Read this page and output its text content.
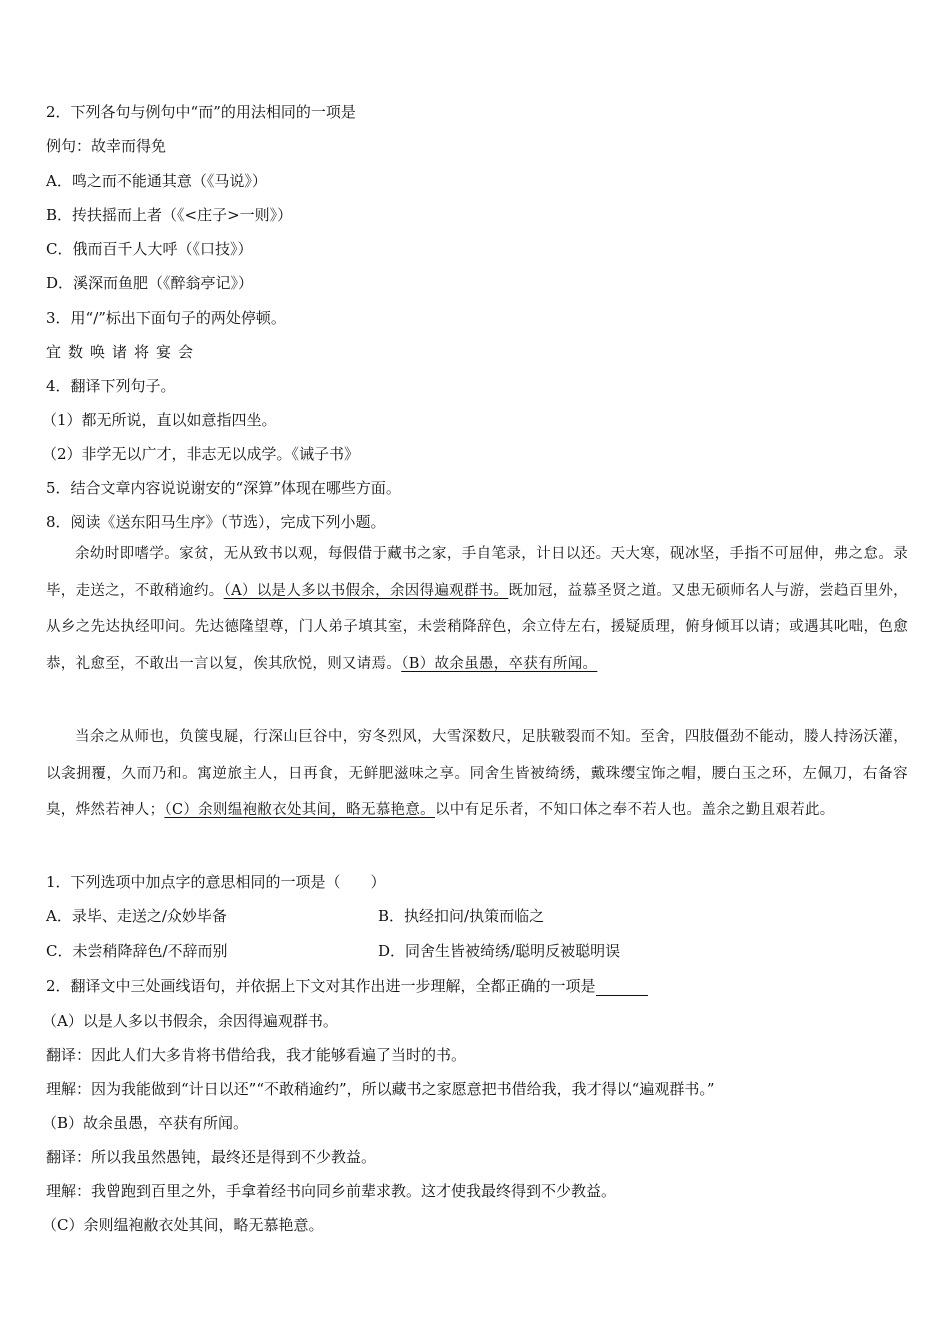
2．下列各句与例句中“而”的用法相同的一项是
例句：故幸而得免
A．鸣之而不能通其意（《马说》）
B．抟扶摇而上者（《<庄子>一则》）
C．俄而百千人大呼（《口技》）
D．溪深而鱼肥（《醉翁亭记》）
3．用“/”标出下面句子的两处停顿。
宜数唤诸将宴会
4．翻译下列句子。
（1）都无所说，直以如意指四坐。
（2）非学无以广才，非志无以成学。《诫子书》
5．结合文章内容说说谢安的“深算”体现在哪些方面。
8．阅读《送东阳马生序》（节选），完成下列小题。
余幼时即嗜学。家贫，无从致书以观，每假借于藏书之家，手自笔录，计日以还。天大寒，砚冰坚，手指不可屈伸，弗之怠。录毕，走送之，不敢稍逾约。（A）以是人多以书假余，余因得遍观群书。既加冠，益慕圣贤之道。又患无硕师名人与游，尝趋百里外，从乡之先达执经叩问。先达德隆望尊，门人弟子填其室，未尝稍降辞色，余立侍左右，援疑质理，俯身倾耳以请；或遇其叱咄，色愈恭，礼愈至，不敢出一言以复，俟其欣悦，则又请焉。（B）故余虽愚，卒获有所闻。
当余之从师也，负箧曳屣，行深山巨谷中，穷冬烈风，大雪深数尺，足肤皲裂而不知。至舍，四肢僵劲不能动，媵人持汤沃灌，以衾拥覆，久而乃和。寓逆旅主人，日再食，无鲜肥滋味之享。同舍生皆被绮绣，戴珠缨宝饰之帽，腰白玉之环，左佩刀，右备容臭，烨然若神人；（C）余则缊袍敝衣处其间，略无慕艳意。以中有足乐者，不知口体之奉不若人也。盖余之勤且艰若此。
1．下列选项中加点字的意思相同的一项是（　　）
A．录毕、走送之/众妙毕备	B．执经扣问/执策而临之
C．未尝稍降辞色/不辞而别	D．同舍生皆被绮绣/聪明反被聪明误
2．翻译文中三处画线语句，并依据上下文对其作出进一步理解，全都正确的一项是
（A）以是人多以书假余，余因得遍观群书。
翻译：因此人们大多肯将书借给我，我才能够看遍了当时的书。
理解：因为我能做到“计日以还”“不敢稍逾约”，所以藏书之家愿意把书借给我，我才得以“遍观群书。”
（B）故余虽愚，卒获有所闻。
翻译：所以我虽然愚钝，最终还是得到不少教益。
理解：我曾跑到百里之外，手拿着经书向同乡前辈求教。这才使我最终得到不少教益。
（C）余则缊袍敝衣处其间，略无慕艳意。
